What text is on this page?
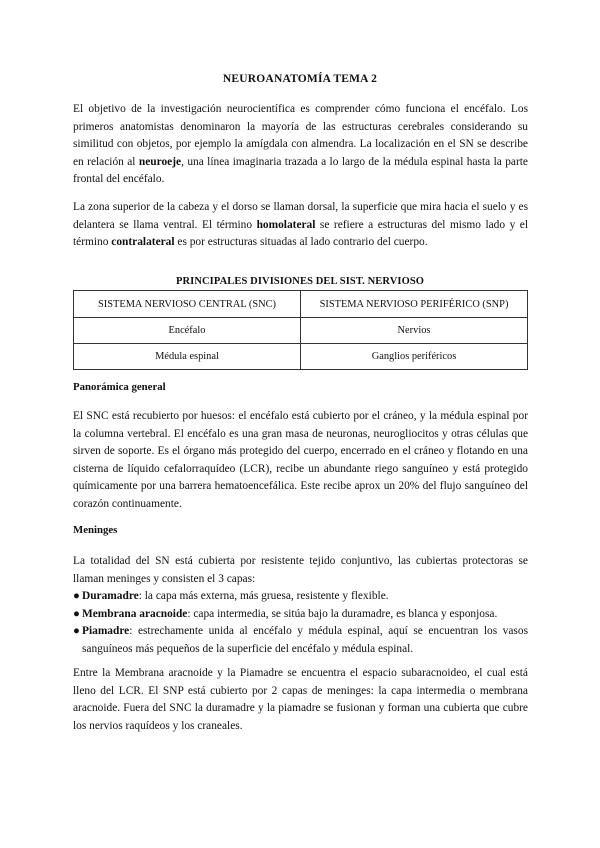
NEUROANATOMÍA TEMA 2

El objetivo de la investigación neurocientífica es comprender cómo funciona el encéfalo. Los primeros anatomistas denominaron la mayoría de las estructuras cerebrales considerando su similitud con objetos, por ejemplo la amígdala con almendra. La localización en el SN se describe en relación al neuroeje, una línea imaginaria trazada a lo largo de la médula espinal hasta la parte frontal del encéfalo.

La zona superior de la cabeza y el dorso se llaman dorsal, la superficie que mira hacia el suelo y es delantera se llama ventral. El término homolateral se refiere a estructuras del mismo lado y el término contralateral es por estructuras situadas al lado contrario del cuerpo.

PRINCIPALES DIVISIONES DEL SIST. NERVIOSO
SISTEMA NERVIOSO CENTRAL (SNC)	SISTEMA NERVIOSO PERIFÉRICO (SNP)
Encéfalo	Nervios
Médula espinal	Ganglios periféricos
Panorámica general

El SNC está recubierto por huesos: el encéfalo está cubierto por el cráneo, y la médula espinal por la columna vertebral. El encéfalo es una gran masa de neuronas, neurogliocitos y otras células que sirven de soporte. Es el órgano más protegido del cuerpo, encerrado en el cráneo y flotando en una cisterna de líquido cefalorraquídeo (LCR), recibe un abundante riego sanguíneo y está protegido químicamente por una barrera hematoencefálica. Este recibe aprox un 20% del flujo sanguíneo del corazón continuamente.

Meninges

La totalidad del SN está cubierta por resistente tejido conjuntivo, las cubiertas protectoras se llaman meninges y consisten el 3 capas:

● Duramadre: la capa más externa, más gruesa, resistente y flexible.
● Membrana aracnoide: capa intermedia, se sitúa bajo la duramadre, es blanca y esponjosa.
● Piamadre: estrechamente unida al encéfalo y médula espinal, aquí se encuentran los vasos sanguíneos más pequeños de la superficie del encéfalo y médula espinal.

Entre la Membrana aracnoide y la Piamadre se encuentra el espacio subaracnoideo, el cual está lleno del LCR. El SNP está cubierto por 2 capas de meninges: la capa intermedia o membrana aracnoide. Fuera del SNC la duramadre y la piamadre se fusionan y forman una cubierta que cubre los nervios raquídeos y los craneales.
